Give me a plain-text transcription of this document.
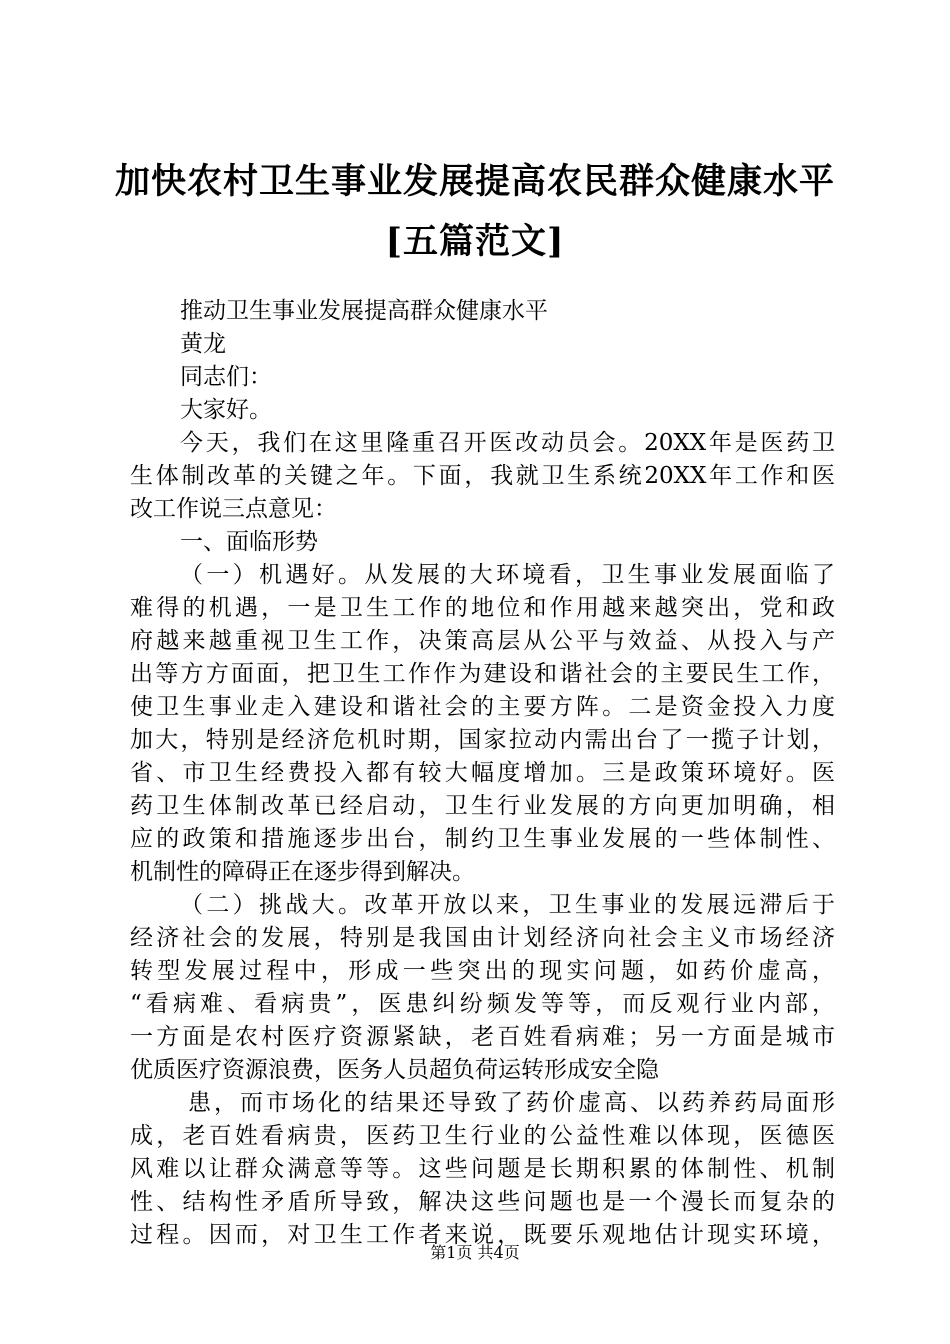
加快农村卫生事业发展提高农民群众健康水平
[五篇范文]
推动卫生事业发展提高群众健康水平
黄龙
同志们：
大家好。
今天，我们在这里隆重召开医改动员会。20XX年是医药卫
生体制改革的关键之年。下面，我就卫生系统20XX年工作和医
改工作说三点意见：
一、面临形势
（一）机遇好。从发展的大环境看，卫生事业发展面临了
难得的机遇，一是卫生工作的地位和作用越来越突出，党和政
府越来越重视卫生工作，决策高层从公平与效益、从投入与产
出等方方面面，把卫生工作作为建设和谐社会的主要民生工作，
使卫生事业走入建设和谐社会的主要方阵。二是资金投入力度
加大，特别是经济危机时期，国家拉动内需出台了一揽子计划，
省、市卫生经费投入都有较大幅度增加。三是政策环境好。医
药卫生体制改革已经启动，卫生行业发展的方向更加明确，相
应的政策和措施逐步出台，制约卫生事业发展的一些体制性、
机制性的障碍正在逐步得到解决。
（二）挑战大。改革开放以来，卫生事业的发展远滞后于
经济社会的发展，特别是我国由计划经济向社会主义市场经济
转型发展过程中，形成一些突出的现实问题，如药价虚高，
“看病难、看病贵”，医患纠纷频发等等，而反观行业内部，
一方面是农村医疗资源紧缺，老百姓看病难；另一方面是城市
优质医疗资源浪费，医务人员超负荷运转形成安全隐
患，而市场化的结果还导致了药价虚高、以药养药局面形
成，老百姓看病贵，医药卫生行业的公益性难以体现，医德医
风难以让群众满意等等。这些问题是长期积累的体制性、机制
性、结构性矛盾所导致，解决这些问题也是一个漫长而复杂的
过程。因而，对卫生工作者来说，既要乐观地估计现实环境，
第1页 共4页
